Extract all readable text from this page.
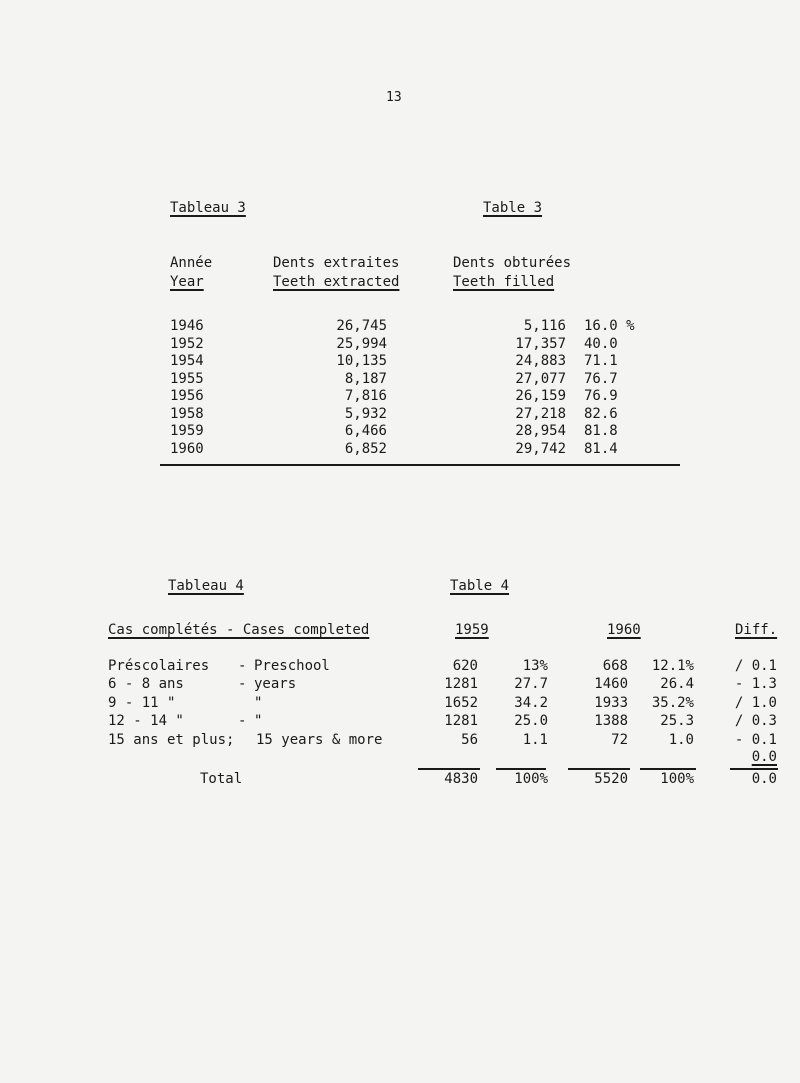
13
Tableau 3	Table 3
Année
Year
Dents extraites
Teeth extracted
Dents obturées
Teeth filled
1946	26,745	5,116 16.0 %
1952	25,994	17,357 40.0
1954	10,135	24,883 71.1
1955	8,187	27,077 76.7
1956	7,816	26,159 76.9
1958	5,932	27,218 82.6
1959	6,466	28,954 81.8
1960	6,852	29,742 81.4
Tableau 4	Table 4
Cas complétés - Cases completed	1959	1960	Diff.
Préscolaires - Preschool	620	13%	668	12.1%	/ 0.1
6 - 8 ans	- years	1281	27.7	1460	26.4	- 1.3
9 - 11 "	"	1652	34.2	1933	35.2%	/ 1.0
12 - 14 "	- "	1281	25.0	1388	25.3	/ 0.3
15 ans et plus; 15 years & more	56	1.1	72	1.0	- 0.1
0.0
Total	4830	100%	5520	100%	0.0
